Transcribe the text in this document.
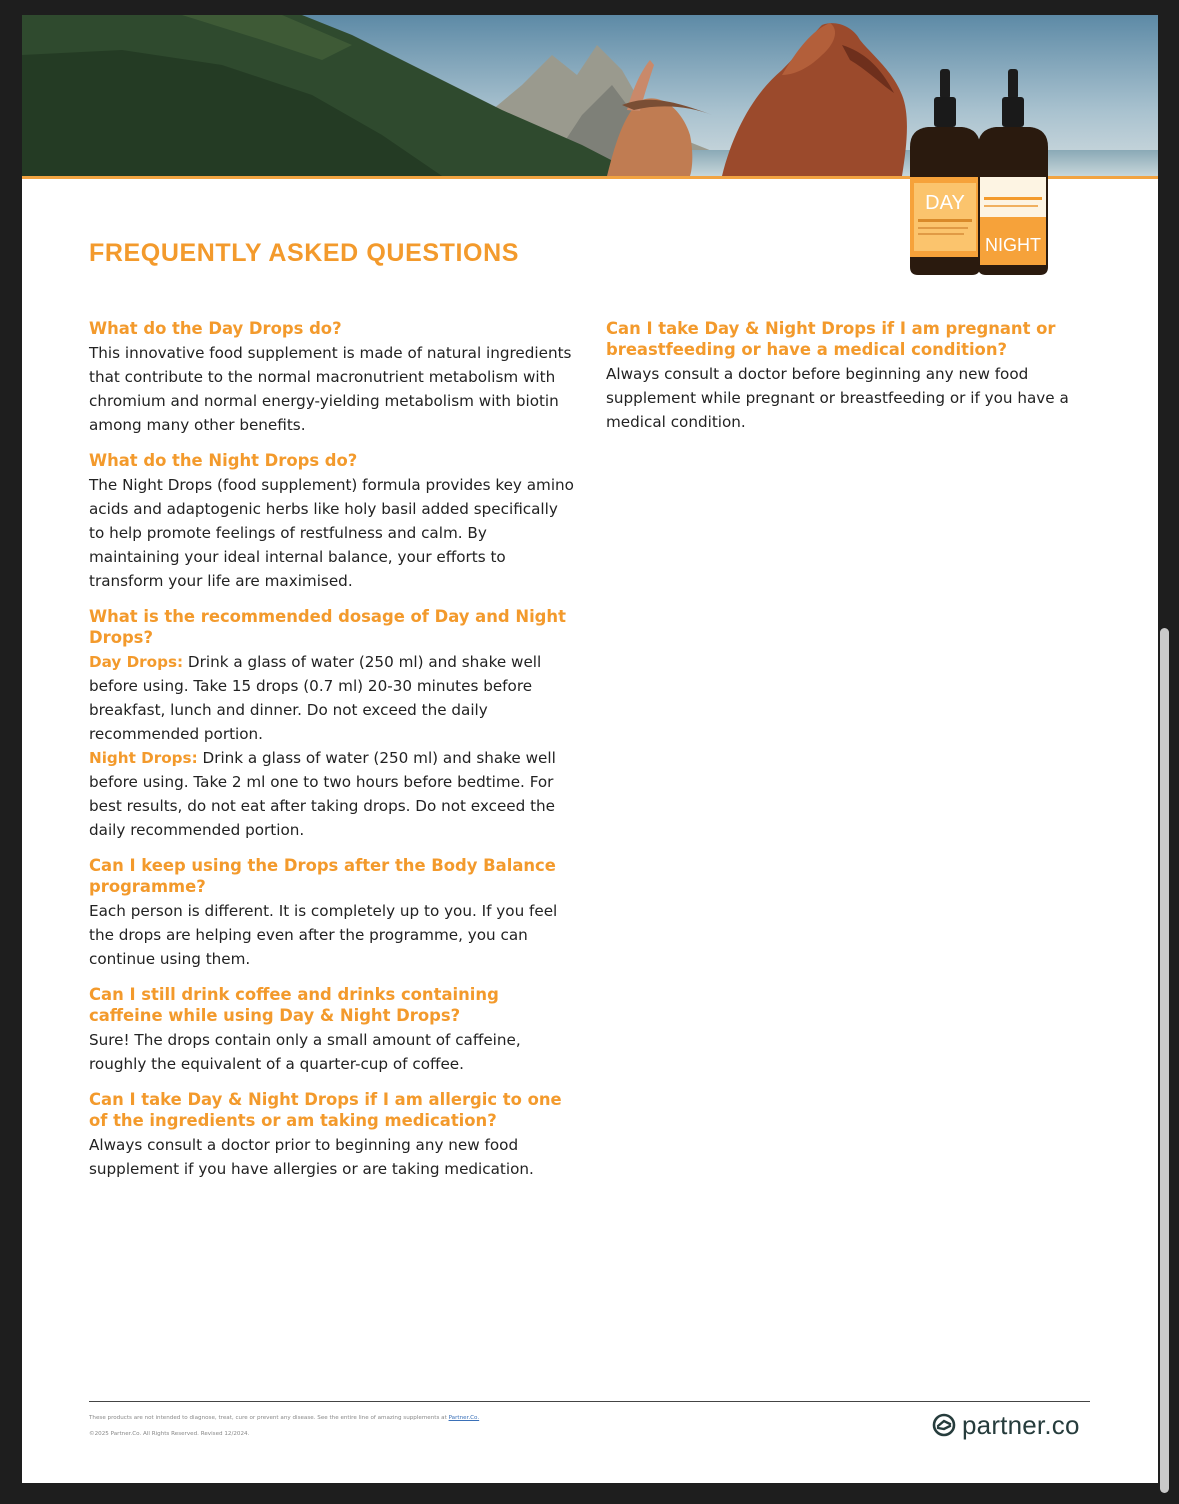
DAY
NIGHT
FREQUENTLY ASKED QUESTIONS

What do the Day Drops do?

This innovative food supplement is made of natural ingredients that contribute to the normal macronutrient metabolism with chromium and normal energy-yielding metabolism with biotin among many other benefits.

What do the Night Drops do?

The Night Drops (food supplement) formula provides key amino acids and adaptogenic herbs like holy basil added specifically to help promote feelings of restfulness and calm. By maintaining your ideal internal balance, your efforts to transform your life are maximised.

What is the recommended dosage of Day and Night Drops?

Day Drops: Drink a glass of water (250 ml) and shake well before using. Take 15 drops (0.7 ml) 20-30 minutes before breakfast, lunch and dinner. Do not exceed the daily recommended portion.

Night Drops: Drink a glass of water (250 ml) and shake well before using. Take 2 ml one to two hours before bedtime. For best results, do not eat after taking drops. Do not exceed the daily recommended portion.

Can I keep using the Drops after the Body Balance programme?

Each person is different. It is completely up to you. If you feel the drops are helping even after the programme, you can continue using them.

Can I still drink coffee and drinks containing caffeine while using Day & Night Drops?

Sure! The drops contain only a small amount of caffeine, roughly the equivalent of a quarter-cup of coffee.

Can I take Day & Night Drops if I am allergic to one of the ingredients or am taking medication?

Always consult a doctor prior to beginning any new food supplement if you have allergies or are taking medication.

Can I take Day & Night Drops if I am pregnant or breastfeeding or have a medical condition?

Always consult a doctor before beginning any new food supplement while pregnant or breastfeeding or if you have a medical condition.

These products are not intended to diagnose, treat, cure or prevent any disease. See the entire line of amazing supplements at Partner.Co.
©2025 Partner.Co. All Rights Reserved. Revised 12/2024.	partner.co
